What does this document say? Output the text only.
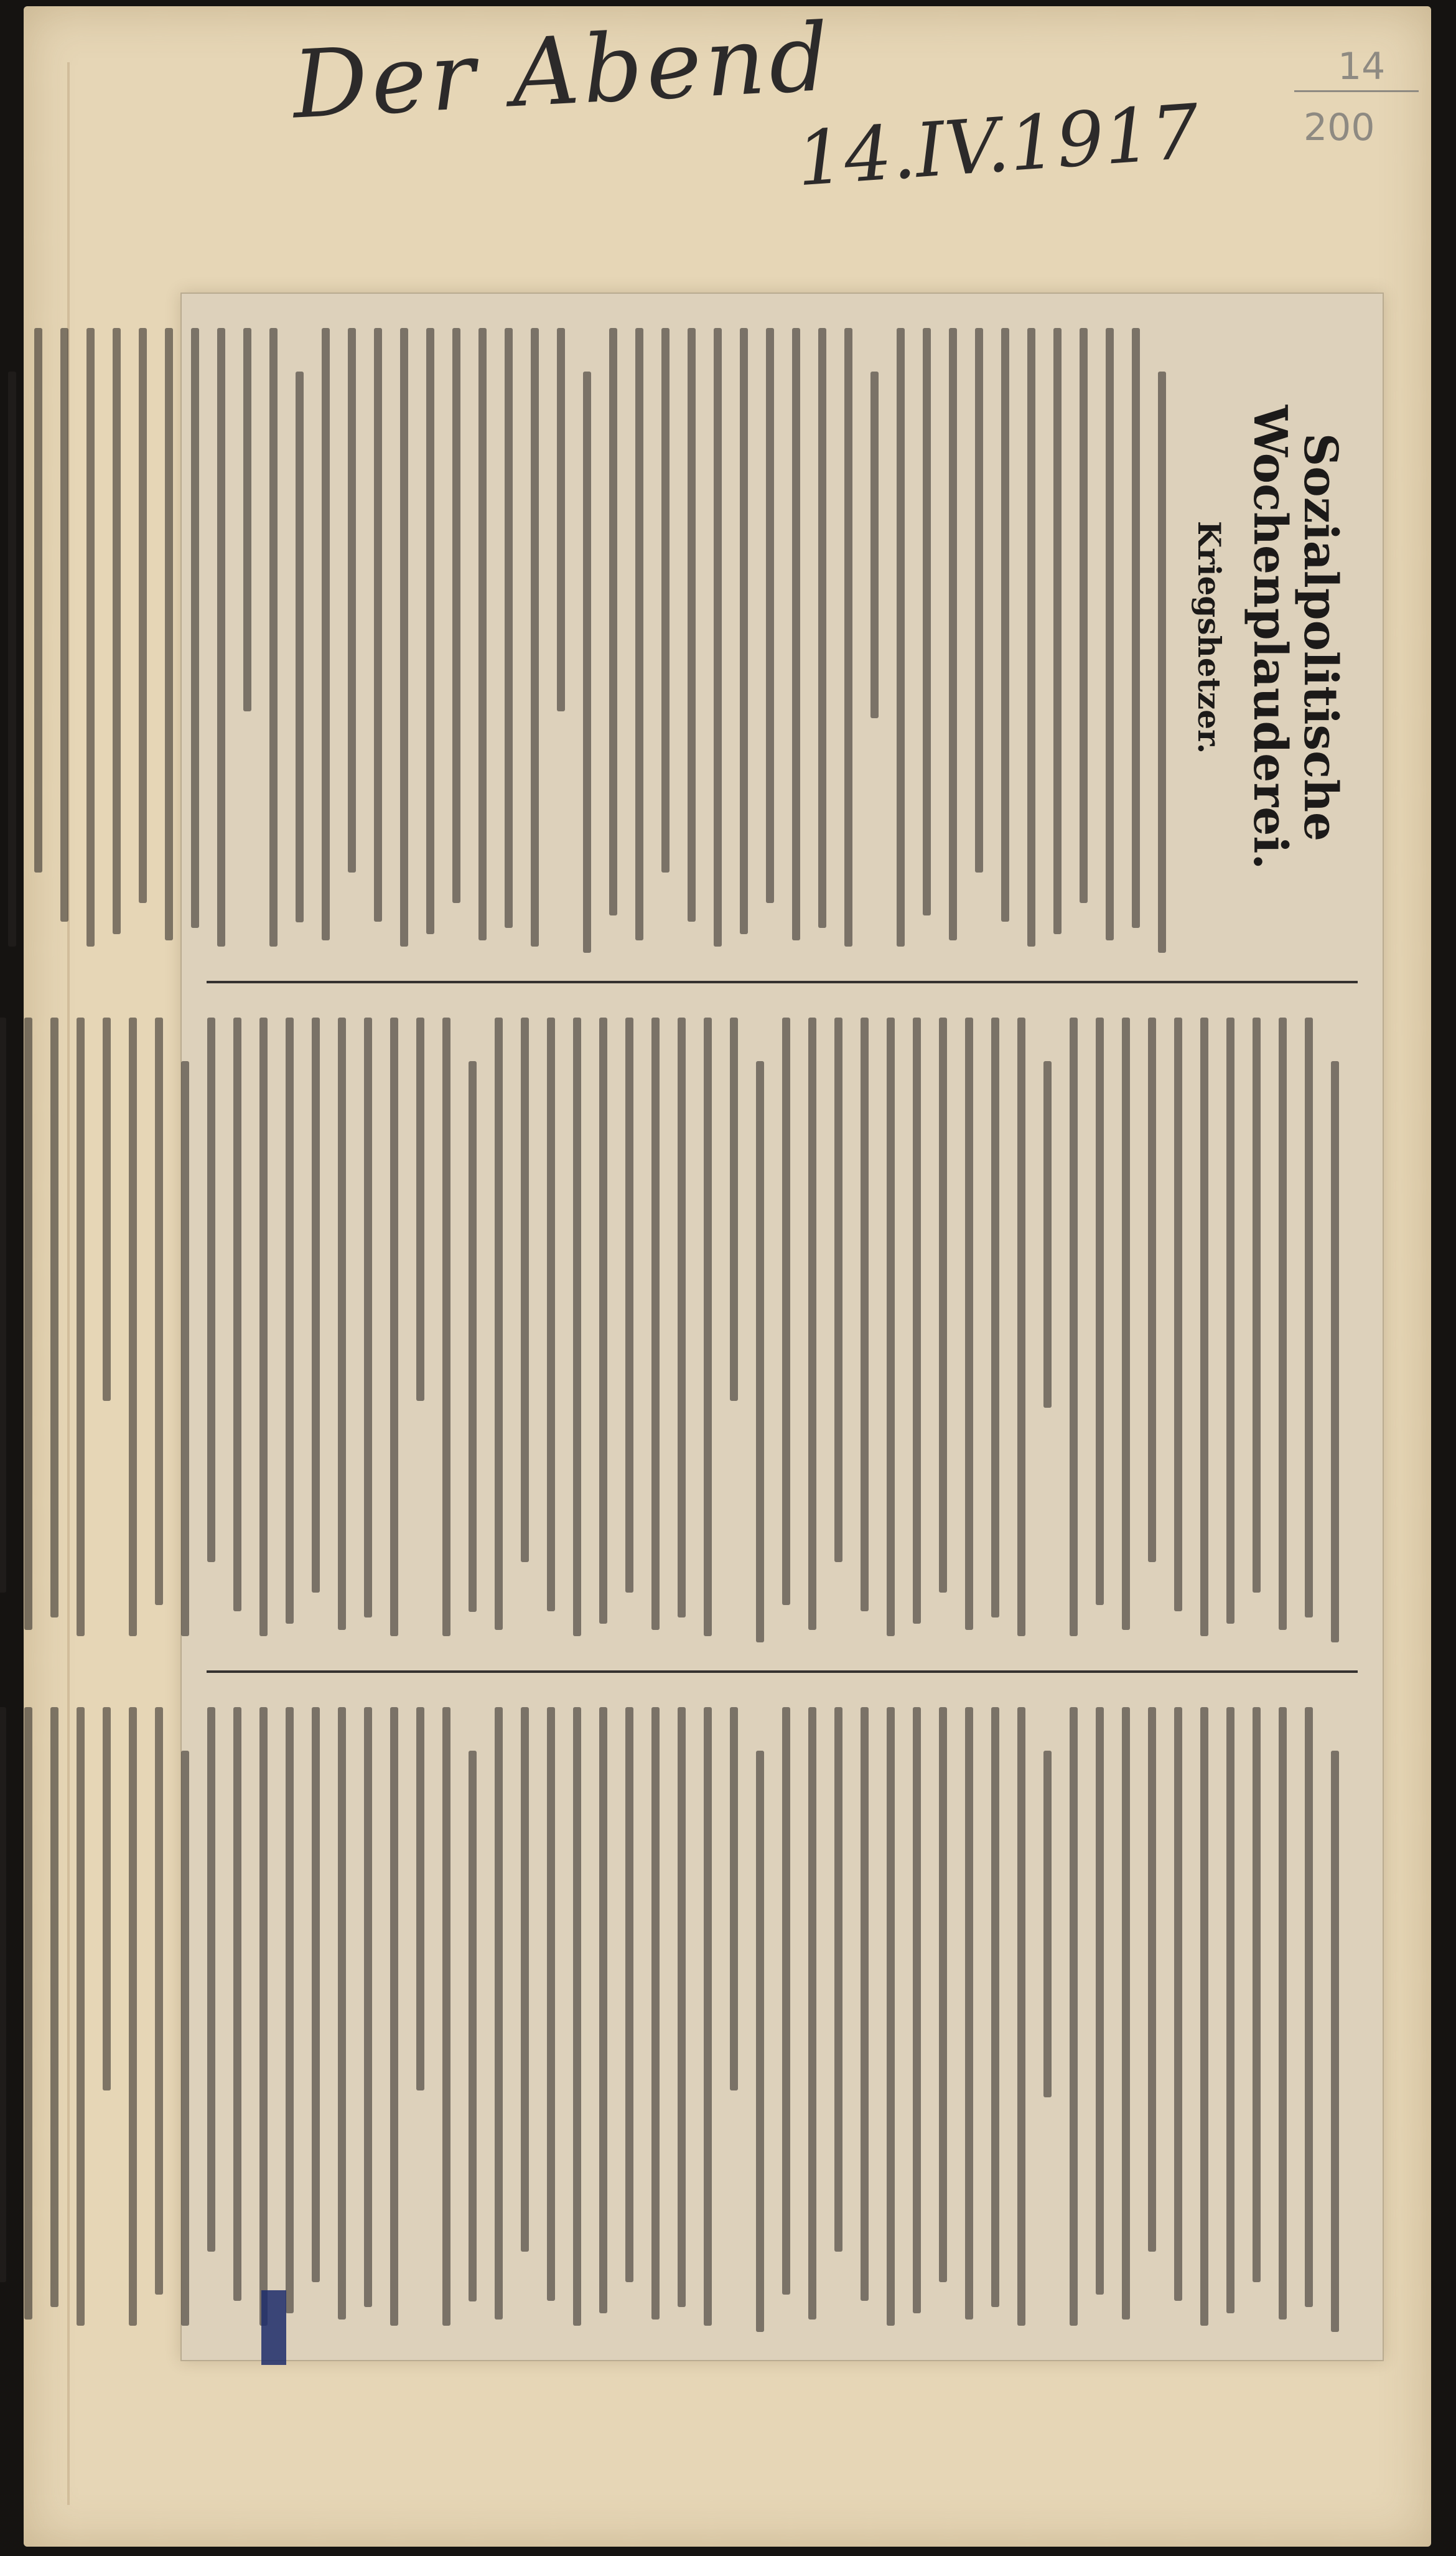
Der Abend
14.IV.1917
14
200
Sozialpolitische Wochenplauderei.
Kriegshetzer.
